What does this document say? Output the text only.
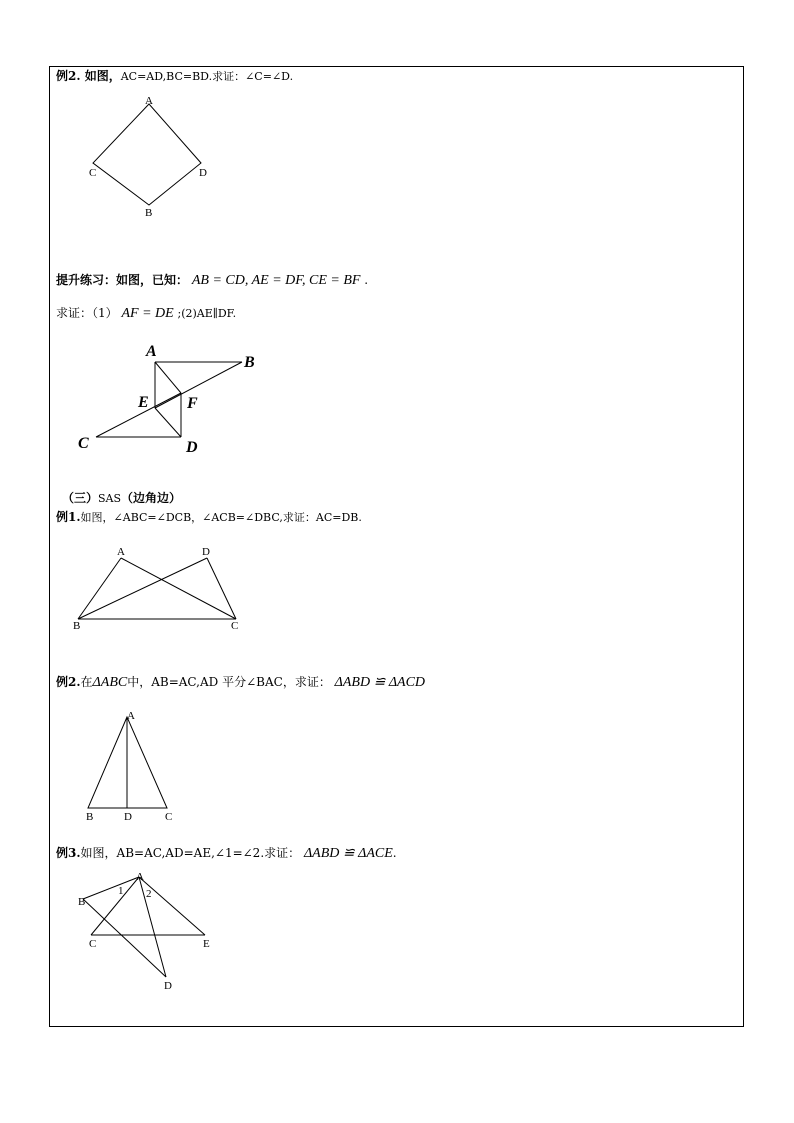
例2. 如图，AC=AD,BC=BD.求证：∠C=∠D.
提升练习：如图，已知： AB = CD, AE = DF, CE = BF .
求证：（1） AF = DE ;(2)AE∥DF.
（三）SAS（边角边）
例1.如图，∠ABC=∠DCB，∠ACB=∠DBC,求证：AC=DB.
例2.在ΔABC中，AB=AC,AD 平分∠BAC，求证： ΔABD ≌ ΔACD
例3.如图，AB=AC,AD=AE,∠1=∠2.求证： ΔABD ≌ ΔACE.
A
C	D
B
A
B
E F
C	D
A	D
B	C
A
B	D	C
A
B
1 2
C	E
D
